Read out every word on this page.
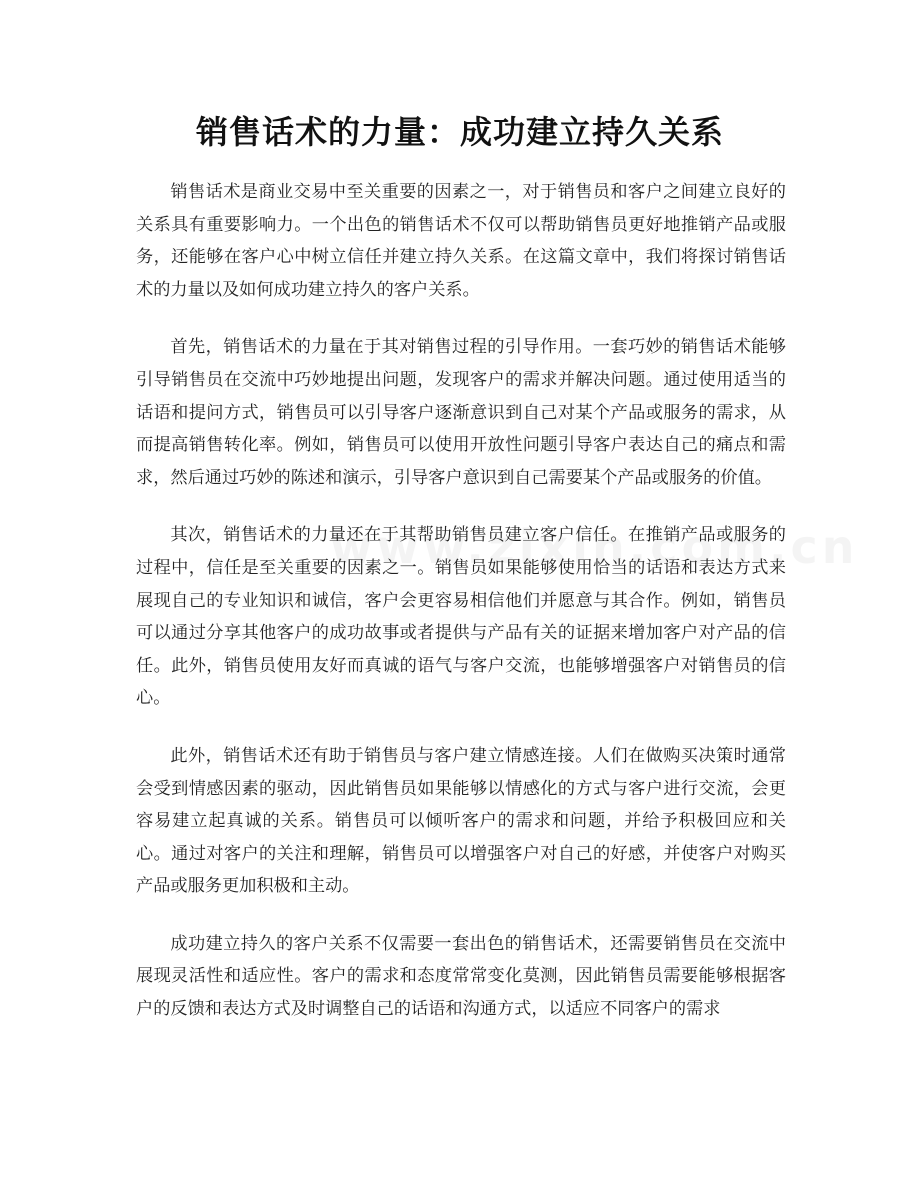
销售话术的力量：成功建立持久关系

销售话术是商业交易中至关重要的因素之一，对于销售员和客户之间建立良好的关系具有重要影响力。一个出色的销售话术不仅可以帮助销售员更好地推销产品或服务，还能够在客户心中树立信任并建立持久关系。在这篇文章中，我们将探讨销售话术的力量以及如何成功建立持久的客户关系。

首先，销售话术的力量在于其对销售过程的引导作用。一套巧妙的销售话术能够引导销售员在交流中巧妙地提出问题，发现客户的需求并解决问题。通过使用适当的话语和提问方式，销售员可以引导客户逐渐意识到自己对某个产品或服务的需求，从而提高销售转化率。例如，销售员可以使用开放性问题引导客户表达自己的痛点和需求，然后通过巧妙的陈述和演示，引导客户意识到自己需要某个产品或服务的价值。

其次，销售话术的力量还在于其帮助销售员建立客户信任。在推销产品或服务的过程中，信任是至关重要的因素之一。销售员如果能够使用恰当的话语和表达方式来展现自己的专业知识和诚信，客户会更容易相信他们并愿意与其合作。例如，销售员可以通过分享其他客户的成功故事或者提供与产品有关的证据来增加客户对产品的信任。此外，销售员使用友好而真诚的语气与客户交流，也能够增强客户对销售员的信心。

此外，销售话术还有助于销售员与客户建立情感连接。人们在做购买决策时通常会受到情感因素的驱动，因此销售员如果能够以情感化的方式与客户进行交流，会更容易建立起真诚的关系。销售员可以倾听客户的需求和问题，并给予积极回应和关心。通过对客户的关注和理解，销售员可以增强客户对自己的好感，并使客户对购买产品或服务更加积极和主动。

成功建立持久的客户关系不仅需要一套出色的销售话术，还需要销售员在交流中展现灵活性和适应性。客户的需求和态度常常变化莫测，因此销售员需要能够根据客户的反馈和表达方式及时调整自己的话语和沟通方式，以适应不同客户的需求
